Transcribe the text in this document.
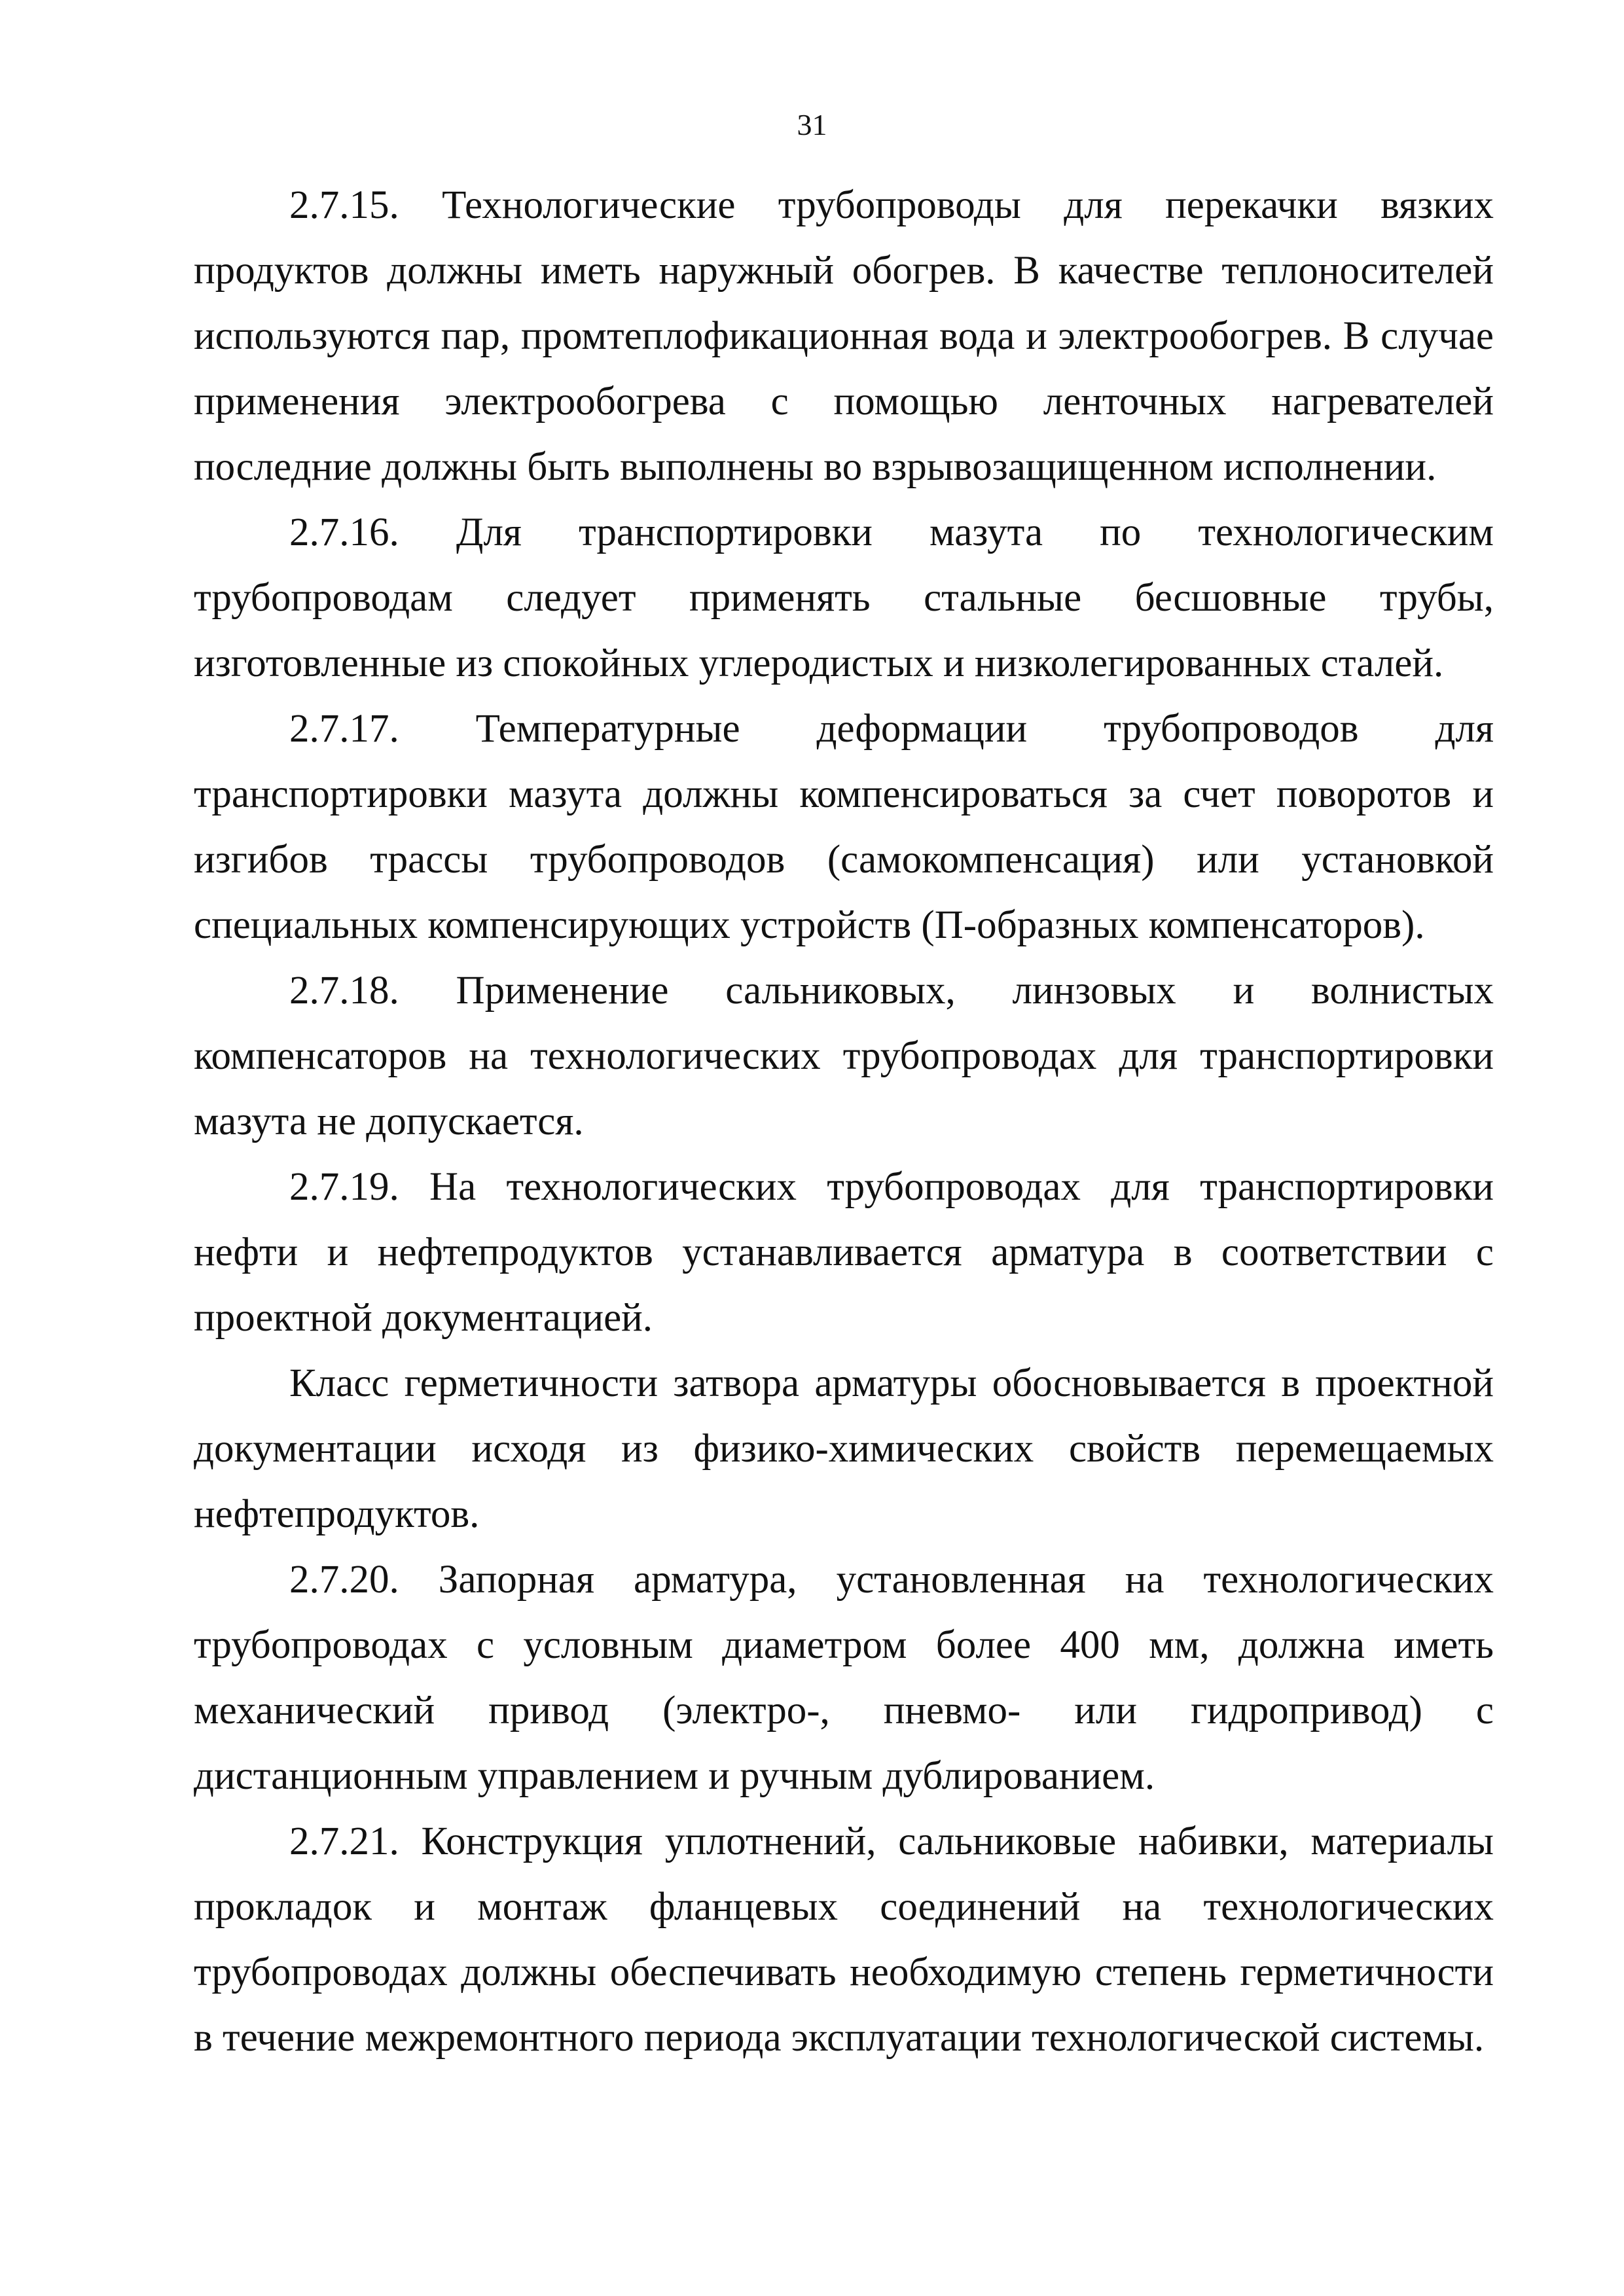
31

2.7.15. Технологические трубопроводы для перекачки вязких продуктов должны иметь наружный обогрев. В качестве теплоносителей используются пар, промтеплофикационная вода и электрообогрев. В случае применения электрообогрева с помощью ленточных нагревателей последние должны быть выполнены во взрывозащищенном исполнении.

2.7.16. Для транспортировки мазута по технологическим трубопроводам следует применять стальные бесшовные трубы, изготовленные из спокойных углеродистых и низколегированных сталей.

2.7.17. Температурные деформации трубопроводов для транспортировки мазута должны компенсироваться за счет поворотов и изгибов трассы трубопроводов (самокомпенсация) или установкой специальных компенсирующих устройств (П-образных компенсаторов).

2.7.18. Применение сальниковых, линзовых и волнистых компенсаторов на технологических трубопроводах для транспортировки мазута не допускается.

2.7.19. На технологических трубопроводах для транспортировки нефти и нефтепродуктов устанавливается арматура в соответствии с проектной документацией.

Класс герметичности затвора арматуры обосновывается в проектной документации исходя из физико-химических свойств перемещаемых нефтепродуктов.

2.7.20. Запорная арматура, установленная на технологических трубопроводах с условным диаметром более 400 мм, должна иметь механический привод (электро-, пневмо- или гидропривод) с дистанционным управлением и ручным дублированием.

2.7.21. Конструкция уплотнений, сальниковые набивки, материалы прокладок и монтаж фланцевых соединений на технологических трубопроводах должны обеспечивать необходимую степень герметичности в течение межремонтного периода эксплуатации технологической системы.
